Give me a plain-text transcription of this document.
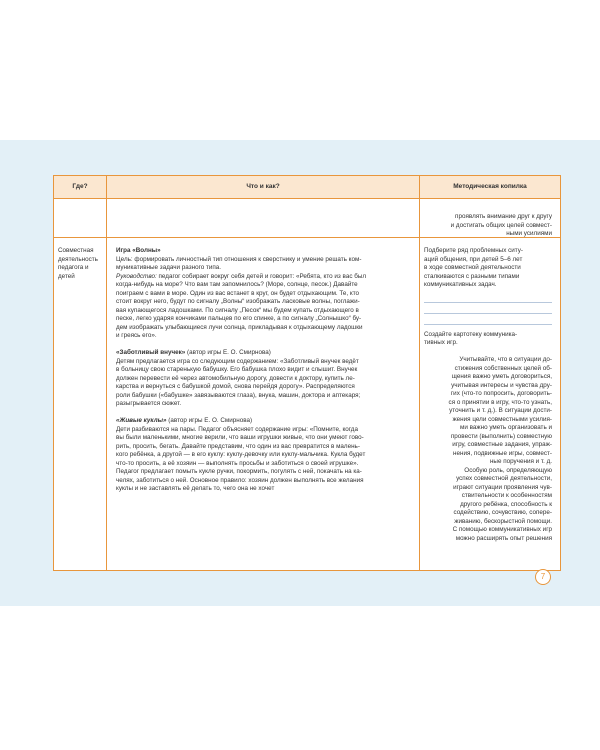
Где?	Что и как?	Методическая копилка

проявлять внимание друг к другу

и достигать общих целей совмест-

ными усилиями

Совместная

деятельность

педагога и детей

Игра «Волны»

Цель: формировать личностный тип отношения к сверстнику и умение решать ком-

муникативные задачи разного типа.

Руководство: педагог собирает вокруг себя детей и говорит: «Ребята, кто из вас был

когда-нибудь на море? Что вам там запомнилось? (Море, солнце, песок.) Давайте

поиграем с вами в море. Один из вас встанет в круг, он будет отдыхающим. Те, кто

стоит вокруг него, будут по сигналу „Волны“ изображать ласковые волны, поглажи-

вая купающегося ладошками. По сигналу „Песок“ мы будем купать отдыхающего в

песке, легко ударяя кончиками пальцев по его спинке, а по сигналу „Солнышко“ бу-

дем изображать улыбающиеся лучи солнца, прикладывая к отдыхающему ладошки

и греясь его».

«Заботливый внучек» (автор игры Е. О. Смирнова)

Детям предлагается игра со следующим содержанием: «Заботливый внучек ведёт

в больницу свою старенькую бабушку. Его бабушка плохо видит и слышит. Внучек

должен перевести её через автомобильную дорогу, довести к доктору, купить ле-

карства и вернуться с бабушкой домой, снова перейдя дорогу». Распределяются

роли бабушки («бабушке» завязываются глаза), внука, машин, доктора и аптекаря;

разыгрывается сюжет.

«Живые куклы» (автор игры Е. О. Смирнова)

Дети разбиваются на пары. Педагог объясняет содержание игры: «Помните, когда

вы были маленькими, многие верили, что ваши игрушки живые, что они умеют гово-

рить, просить, бегать. Давайте представим, что один из вас превратится в малень-

кого ребёнка, а другой — в его куклу: куклу-девочку или куклу-мальчика. Кукла будет

что-то просить, а её хозяин — выполнять просьбы и заботиться о своей игрушке».

Педагог предлагает помыть кукле ручки, покормить, погулять с ней, покачать на ка-

челях, заботиться о ней. Основное правило: хозяин должен выполнять все желания

куклы и не заставлять её делать то, чего она не хочет

Подберите ряд проблемных ситу-

аций общения, при детей 5–6 лет

в ходе совместной деятельности

сталкиваются с разными типами

коммуникативных задач.

Создайте картотеку коммуника-

тивных игр.

Учитывайте, что в ситуации до-

стижения собственных целей об-

щения важно уметь договориться,

учитывая интересы и чувства дру-

гих (что-то попросить, договорить-

ся о принятии в игру, что-то узнать,

уточнить и т. д.). В ситуации дости-

жения цели совместными усилия-

ми важно уметь организовать и

провести (выполнить) совместную

игру, совместные задания, упраж-

нения, подвижные игры, совмест-

ные поручения и т. д.

Особую роль, определяющую

успех совместной деятельности,

играют ситуации проявления чув-

ствительности к особенностям

другого ребёнка, способность к

содействию, сочувствию, сопере-

живанию, бескорыстной помощи.

С помощью коммуникативных игр

можно расширять опыт решения

7
